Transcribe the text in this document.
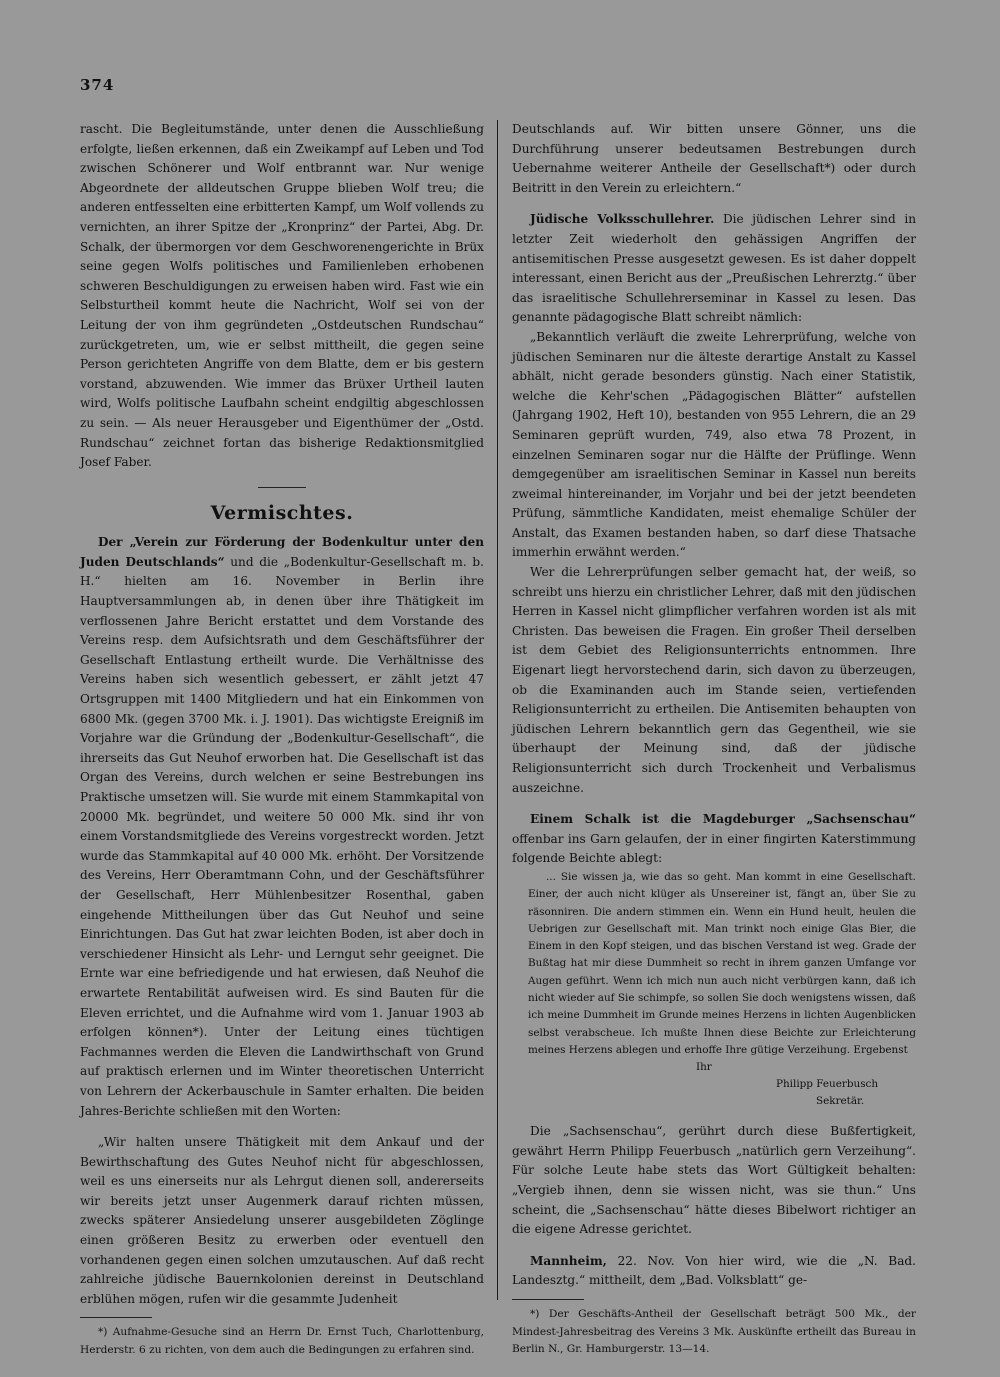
374

rascht. Die Begleitumstände, unter denen die Ausschließung erfolgte, ließen erkennen, daß ein Zweikampf auf Leben und Tod zwischen Schönerer und Wolf entbrannt war. Nur wenige Abgeordnete der alldeutschen Gruppe blieben Wolf treu; die anderen entfesselten eine erbitterten Kampf, um Wolf vollends zu vernichten, an ihrer Spitze der „Kronprinz“ der Partei, Abg. Dr. Schalk, der übermorgen vor dem Geschworenengerichte in Brüx seine gegen Wolfs politisches und Familienleben erhobenen schweren Beschuldigungen zu erweisen haben wird. Fast wie ein Selbsturtheil kommt heute die Nachricht, Wolf sei von der Leitung der von ihm gegründeten „Ostdeutschen Rundschau“ zurückgetreten, um, wie er selbst mittheilt, die gegen seine Person gerichteten Angriffe von dem Blatte, dem er bis gestern vorstand, abzuwenden. Wie immer das Brüxer Urtheil lauten wird, Wolfs politische Laufbahn scheint endgiltig abgeschlossen zu sein. — Als neuer Herausgeber und Eigenthümer der „Ostd. Rundschau“ zeichnet fortan das bisherige Redaktionsmitglied Josef Faber.

Vermischtes.

Der „Verein zur Förderung der Bodenkultur unter den Juden Deutschlands“ und die „Bodenkultur-Gesellschaft m. b. H.“ hielten am 16. November in Berlin ihre Hauptversammlungen ab, in denen über ihre Thätigkeit im verflossenen Jahre Bericht erstattet und dem Vorstande des Vereins resp. dem Aufsichtsrath und dem Geschäftsführer der Gesellschaft Entlastung ertheilt wurde. Die Verhältnisse des Vereins haben sich wesentlich gebessert, er zählt jetzt 47 Ortsgruppen mit 1400 Mitgliedern und hat ein Einkommen von 6800 Mk. (gegen 3700 Mk. i. J. 1901). Das wichtigste Ereigniß im Vorjahre war die Gründung der „Bodenkultur-Gesellschaft“, die ihrerseits das Gut Neuhof erworben hat. Die Gesellschaft ist das Organ des Vereins, durch welchen er seine Bestrebungen ins Praktische umsetzen will. Sie wurde mit einem Stammkapital von 20000 Mk. begründet, und weitere 50 000 Mk. sind ihr von einem Vorstandsmitgliede des Vereins vorgestreckt worden. Jetzt wurde das Stammkapital auf 40 000 Mk. erhöht. Der Vorsitzende des Vereins, Herr Oberamtmann Cohn, und der Geschäftsführer der Gesellschaft, Herr Mühlenbesitzer Rosenthal, gaben eingehende Mittheilungen über das Gut Neuhof und seine Einrichtungen. Das Gut hat zwar leichten Boden, ist aber doch in verschiedener Hinsicht als Lehr- und Lerngut sehr geeignet. Die Ernte war eine befriedigende und hat erwiesen, daß Neuhof die erwartete Rentabilität aufweisen wird. Es sind Bauten für die Eleven errichtet, und die Aufnahme wird vom 1. Januar 1903 ab erfolgen können*). Unter der Leitung eines tüchtigen Fachmannes werden die Eleven die Landwirthschaft von Grund auf praktisch erlernen und im Winter theoretischen Unterricht von Lehrern der Ackerbauschule in Samter erhalten. Die beiden Jahres-Berichte schließen mit den Worten:

„Wir halten unsere Thätigkeit mit dem Ankauf und der Bewirthschaftung des Gutes Neuhof nicht für abgeschlossen, weil es uns einerseits nur als Lehrgut dienen soll, andererseits wir bereits jetzt unser Augenmerk darauf richten müssen, zwecks späterer Ansiedelung unserer ausgebildeten Zöglinge einen größeren Besitz zu erwerben oder eventuell den vorhandenen gegen einen solchen umzutauschen. Auf daß recht zahlreiche jüdische Bauernkolonien dereinst in Deutschland erblühen mögen, rufen wir die gesammte Judenheit

*) Aufnahme-Gesuche sind an Herrn Dr. Ernst Tuch, Charlottenburg, Herderstr. 6 zu richten, von dem auch die Bedingungen zu erfahren sind.

Deutschlands auf. Wir bitten unsere Gönner, uns die Durchführung unserer bedeutsamen Bestrebungen durch Uebernahme weiterer Antheile der Gesellschaft*) oder durch Beitritt in den Verein zu erleichtern.“

Jüdische Volksschullehrer. Die jüdischen Lehrer sind in letzter Zeit wiederholt den gehässigen Angriffen der antisemitischen Presse ausgesetzt gewesen. Es ist daher doppelt interessant, einen Bericht aus der „Preußischen Lehrerztg.“ über das israelitische Schullehrerseminar in Kassel zu lesen. Das genannte pädagogische Blatt schreibt nämlich:

„Bekanntlich verläuft die zweite Lehrerprüfung, welche von jüdischen Seminaren nur die älteste derartige Anstalt zu Kassel abhält, nicht gerade besonders günstig. Nach einer Statistik, welche die Kehr'schen „Pädagogischen Blätter“ aufstellen (Jahrgang 1902, Heft 10), bestanden von 955 Lehrern, die an 29 Seminaren geprüft wurden, 749, also etwa 78 Prozent, in einzelnen Seminaren sogar nur die Hälfte der Prüflinge. Wenn demgegenüber am israelitischen Seminar in Kassel nun bereits zweimal hintereinander, im Vorjahr und bei der jetzt beendeten Prüfung, sämmtliche Kandidaten, meist ehemalige Schüler der Anstalt, das Examen bestanden haben, so darf diese Thatsache immerhin erwähnt werden.“

Wer die Lehrerprüfungen selber gemacht hat, der weiß, so schreibt uns hierzu ein christlicher Lehrer, daß mit den jüdischen Herren in Kassel nicht glimpflicher verfahren worden ist als mit Christen. Das beweisen die Fragen. Ein großer Theil derselben ist dem Gebiet des Religionsunterrichts entnommen. Ihre Eigenart liegt hervorstechend darin, sich davon zu überzeugen, ob die Examinanden auch im Stande seien, vertiefenden Religionsunterricht zu ertheilen. Die Antisemiten behaupten von jüdischen Lehrern bekanntlich gern das Gegentheil, wie sie überhaupt der Meinung sind, daß der jüdische Religionsunterricht sich durch Trockenheit und Verbalismus auszeichne.

Einem Schalk ist die Magdeburger „Sachsenschau“ offenbar ins Garn gelaufen, der in einer fingirten Katerstimmung folgende Beichte ablegt:

... Sie wissen ja, wie das so geht. Man kommt in eine Gesellschaft. Einer, der auch nicht klüger als Unsereiner ist, fängt an, über Sie zu räsonniren. Die andern stimmen ein. Wenn ein Hund heult, heulen die Uebrigen zur Gesellschaft mit. Man trinkt noch einige Glas Bier, die Einem in den Kopf steigen, und das bischen Verstand ist weg. Grade der Bußtag hat mir diese Dummheit so recht in ihrem ganzen Umfange vor Augen geführt. Wenn ich mich nun auch nicht verbürgen kann, daß ich nicht wieder auf Sie schimpfe, so sollen Sie doch wenigstens wissen, daß ich meine Dummheit im Grunde meines Herzens in lichten Augenblicken selbst verabscheue. Ich mußte Ihnen diese Beichte zur Erleichterung meines Herzens ablegen und erhoffe Ihre gütige Verzeihung. Ergebenst

Ihr
Philipp Feuerbusch
Sekretär.

Die „Sachsenschau“, gerührt durch diese Bußfertigkeit, gewährt Herrn Philipp Feuerbusch „natürlich gern Verzeihung“. Für solche Leute habe stets das Wort Gültigkeit behalten: „Vergieb ihnen, denn sie wissen nicht, was sie thun.“ Uns scheint, die „Sachsenschau“ hätte dieses Bibelwort richtiger an die eigene Adresse gerichtet.

Mannheim, 22. Nov. Von hier wird, wie die „N. Bad. Landesztg.“ mittheilt, dem „Bad. Volksblatt“ ge-

*) Der Geschäfts-Antheil der Gesellschaft beträgt 500 Mk., der Mindest-Jahresbeitrag des Vereins 3 Mk. Auskünfte ertheilt das Bureau in Berlin N., Gr. Hamburgerstr. 13—14.
